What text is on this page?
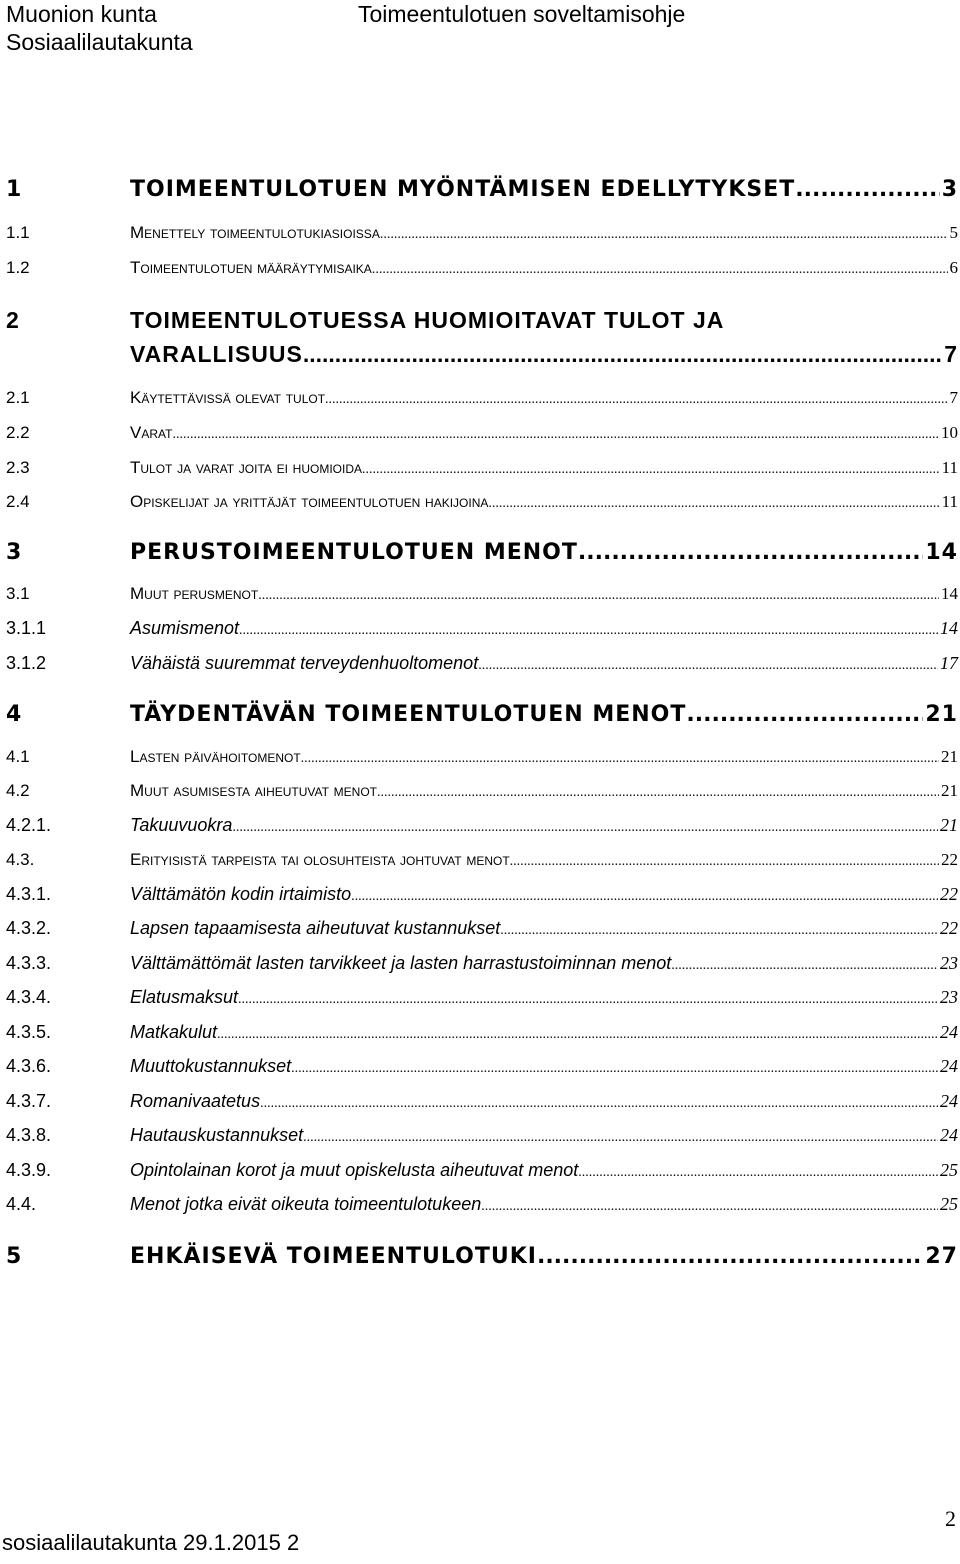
Muonion kunta
Sosiaalilautakunta
Toimeentulotuen soveltamisohje
1	TOIMEENTULOTUEN MYÖNTÄMISEN EDELLYTYKSET .....	3
1.1	Menettely toimeentulotukiasioissa .....	5
1.2	Toimeentulotuen määräytymisaika .....	6
2	TOIMEENTULOTUESSA HUOMIOITAVAT TULOT JA
VARALLISUUS .....	7
2.1	Käytettävissä olevat tulot .....	7
2.2	Varat .....	10
2.3	Tulot ja varat joita ei huomioida .....	11
2.4	Opiskelijat ja yrittäjät toimeentulotuen hakijoina .....	11
3	PERUSTOIMEENTULOTUEN MENOT .....	14
3.1	Muut perusmenot .....	14
3.1.1	Asumismenot .....	14
3.1.2	Vähäistä suuremmat terveydenhuoltomenot .....	17
4	TÄYDENTÄVÄN TOIMEENTULOTUEN MENOT .....	21
4.1	Lasten päivähoitomenot .....	21
4.2	Muut asumisesta aiheutuvat menot .....	21
4.2.1.	Takuuvuokra .....	21
4.3.	Erityisistä tarpeista tai olosuhteista johtuvat menot .....	22
4.3.1.	Välttämätön kodin irtaimisto .....	22
4.3.2.	Lapsen tapaamisesta aiheutuvat kustannukset .....	22
4.3.3.	Välttämättömät lasten tarvikkeet ja lasten harrastustoiminnan menot .....	23
4.3.4.	Elatusmaksut .....	23
4.3.5.	Matkakulut .....	24
4.3.6.	Muuttokustannukset .....	24
4.3.7.	Romanivaatetus .....	24
4.3.8.	Hautauskustannukset .....	24
4.3.9.	Opintolainan korot ja muut opiskelusta aiheutuvat menot .....	25
4.4.	Menot jotka eivät oikeuta toimeentulotukeen .....	25
5	EHKÄISEVÄ TOIMEENTULOTUKI .....	27
2
sosiaalilautakunta 29.1.2015 2
